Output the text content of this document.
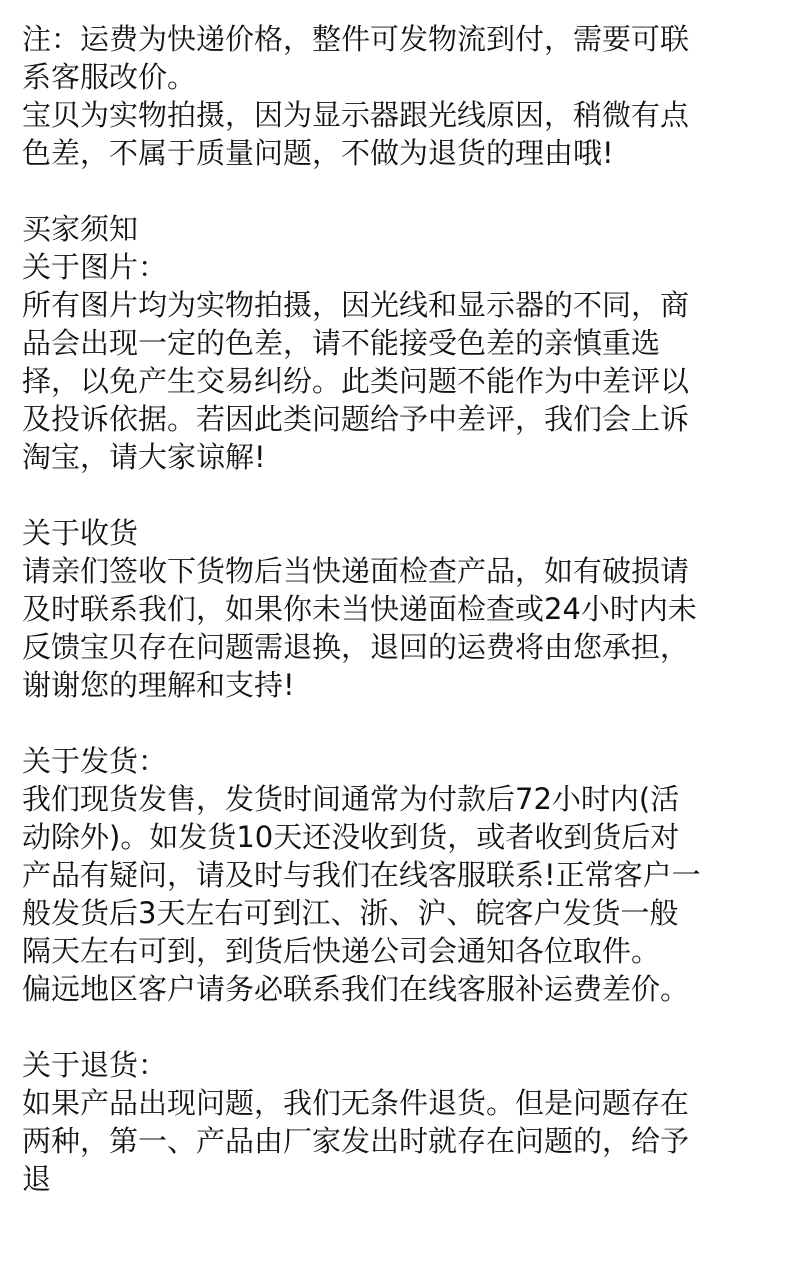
注：运费为快递价格，整件可发物流到付，需要可联
系客服改价。
宝贝为实物拍摄，因为显示器跟光线原因，稍微有点
色差，不属于质量问题，不做为退货的理由哦!
买家须知
关于图片：
所有图片均为实物拍摄，因光线和显示器的不同，商
品会出现一定的色差，请不能接受色差的亲慎重选
择，以免产生交易纠纷。此类问题不能作为中差评以
及投诉依据。若因此类问题给予中差评，我们会上诉
淘宝，请大家谅解!
关于收货
请亲们签收下货物后当快递面检查产品，如有破损请
及时联系我们，如果你未当快递面检查或24小时内未
反馈宝贝存在问题需退换，退回的运费将由您承担，
谢谢您的理解和支持!
关于发货：
我们现货发售，发货时间通常为付款后72小时内(活
动除外)。如发货10天还没收到货，或者收到货后对
产品有疑问，请及时与我们在线客服联系!正常客户一
般发货后3天左右可到江、浙、沪、皖客户发货一般
隔天左右可到，到货后快递公司会通知各位取件。
偏远地区客户请务必联系我们在线客服补运费差价。
关于退货：
如果产品出现问题，我们无条件退货。但是问题存在
两种，第一、产品由厂家发出时就存在问题的，给予
退
